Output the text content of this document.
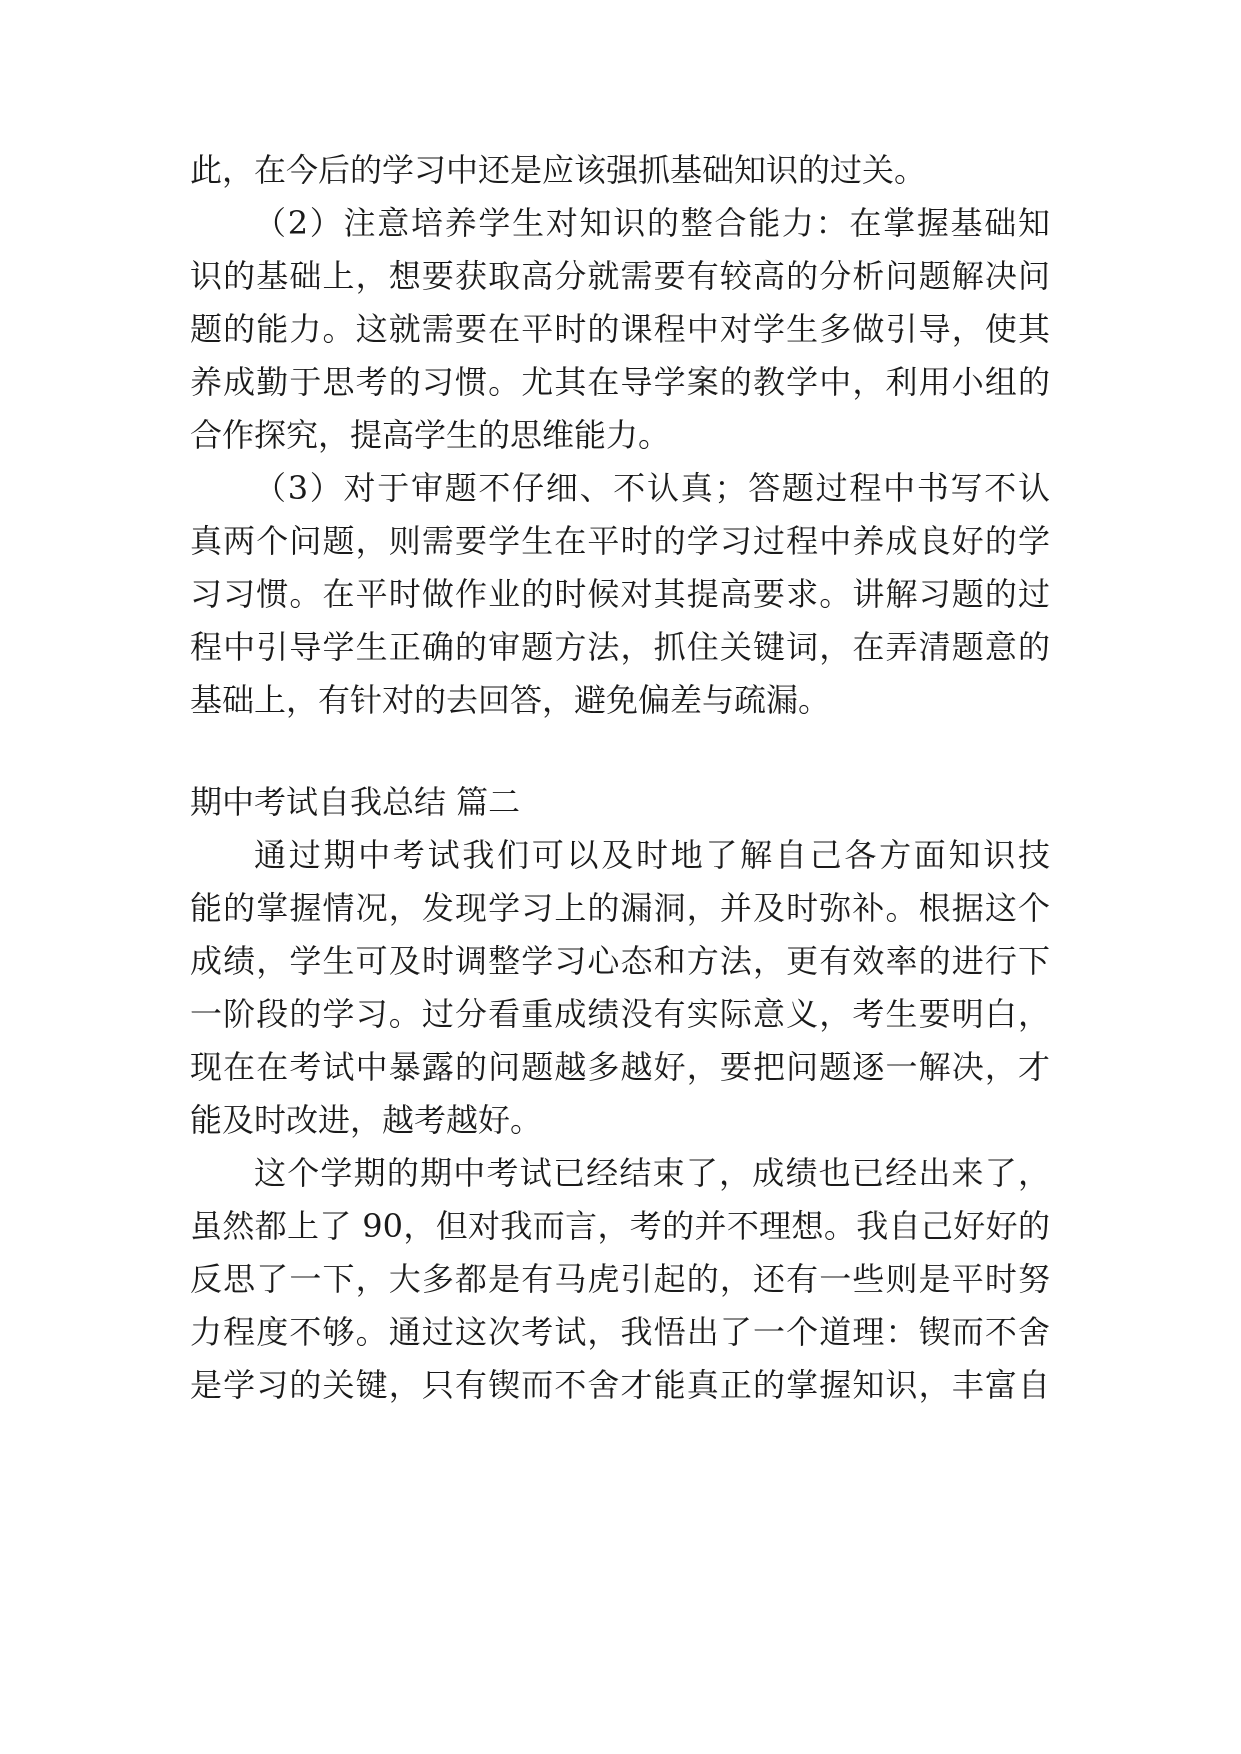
此，在今后的学习中还是应该强抓基础知识的过关。
（2）注意培养学生对知识的整合能力：在掌握基础知
识的基础上，想要获取高分就需要有较高的分析问题解决问
题的能力。这就需要在平时的课程中对学生多做引导，使其
养成勤于思考的习惯。尤其在导学案的教学中，利用小组的
合作探究，提高学生的思维能力。
（3）对于审题不仔细、不认真；答题过程中书写不认
真两个问题，则需要学生在平时的学习过程中养成良好的学
习习惯。在平时做作业的时候对其提高要求。讲解习题的过
程中引导学生正确的审题方法，抓住关键词，在弄清题意的
基础上，有针对的去回答，避免偏差与疏漏。
期中考试自我总结 篇二
通过期中考试我们可以及时地了解自己各方面知识技
能的掌握情况，发现学习上的漏洞，并及时弥补。根据这个
成绩，学生可及时调整学习心态和方法，更有效率的进行下
一阶段的学习。过分看重成绩没有实际意义，考生要明白，
现在在考试中暴露的问题越多越好，要把问题逐一解决，才
能及时改进，越考越好。
这个学期的期中考试已经结束了，成绩也已经出来了，
虽然都上了 90，但对我而言，考的并不理想。我自己好好的
反思了一下，大多都是有马虎引起的，还有一些则是平时努
力程度不够。通过这次考试，我悟出了一个道理：锲而不舍
是学习的关键，只有锲而不舍才能真正的掌握知识，丰富自
